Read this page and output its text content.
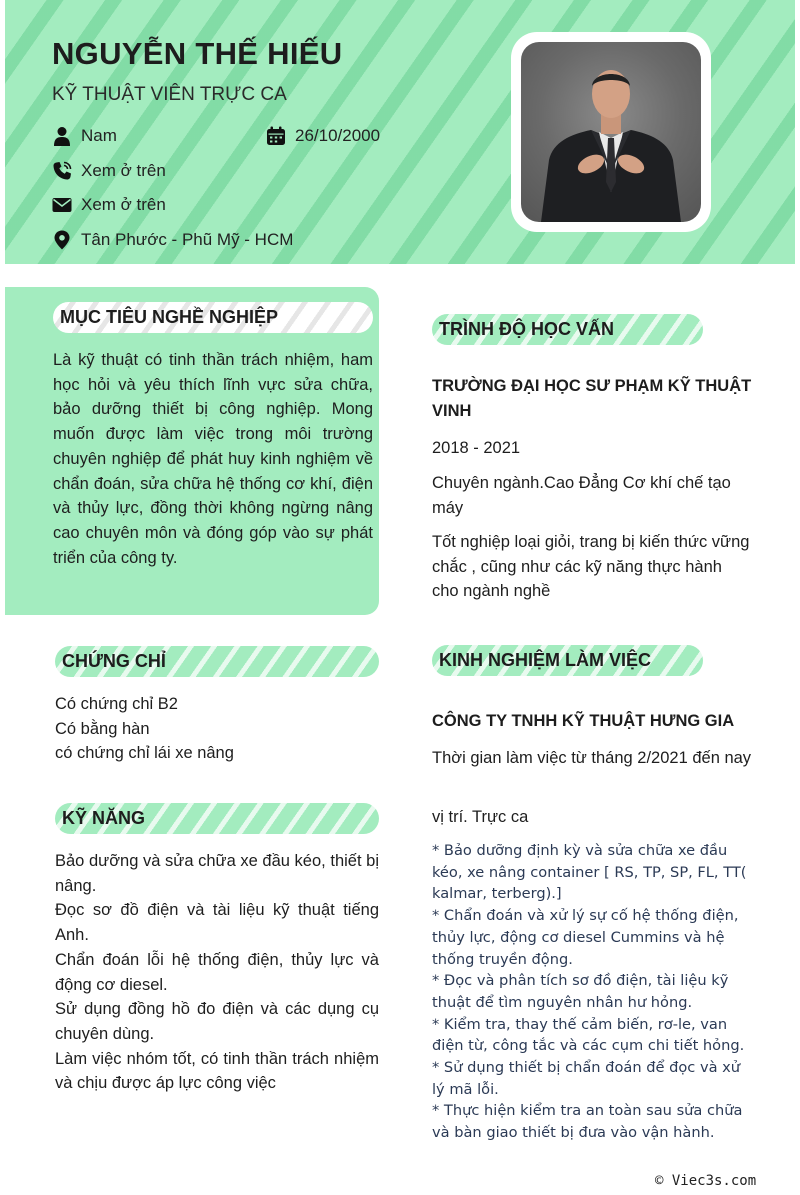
NGUYỄN THẾ HIẾU
KỸ THUẬT VIÊN TRỰC CA
Nam	26/10/2000
Xem ở trên
Xem ở trên
Tân Phước - Phũ Mỹ - HCM
MỤC TIÊU NGHỀ NGHIỆP
Là kỹ thuật có tinh thần trách nhiệm, ham học hỏi và yêu thích lĩnh vực sửa chữa, bảo dưỡng thiết bị công nghiệp. Mong muốn được làm việc trong môi trường chuyên nghiệp để phát huy kinh nghiệm về chẩn đoán, sửa chữa hệ thống cơ khí, điện và thủy lực, đồng thời không ngừng nâng cao chuyên môn và đóng góp vào sự phát triển của công ty.
CHỨNG CHỈ
Có chứng chỉ B2
Có bằng hàn
có chứng chỉ lái xe nâng
KỸ NĂNG
Bảo dưỡng và sửa chữa xe đầu kéo, thiết bị nâng.
Đọc sơ đồ điện và tài liệu kỹ thuật tiếng Anh.
Chẩn đoán lỗi hệ thống điện, thủy lực và động cơ diesel.
Sử dụng đồng hồ đo điện và các dụng cụ chuyên dùng.
Làm việc nhóm tốt, có tinh thần trách nhiệm và chịu được áp lực công việc
TRÌNH ĐỘ HỌC VẤN
TRƯỜNG ĐẠI HỌC SƯ PHẠM KỸ THUẬT VINH
2018 - 2021
Chuyên ngành.Cao Đẳng Cơ khí chế tạo máy
Tốt nghiệp loại giỏi, trang bị kiến thức vững chắc , cũng như các kỹ năng thực hành cho ngành nghề
KINH NGHIỆM LÀM VIỆC
CÔNG TY TNHH KỸ THUẬT HƯNG GIA
Thời gian làm việc từ tháng 2/2021 đến nay
vị trí. Trực ca
* Bảo dưỡng định kỳ và sửa chữa xe đầu kéo, xe nâng container [ RS, TP, SP, FL, TT( kalmar, terberg).]
* Chẩn đoán và xử lý sự cố hệ thống điện, thủy lực, động cơ diesel Cummins và hệ thống truyền động.
* Đọc và phân tích sơ đồ điện, tài liệu kỹ thuật để tìm nguyên nhân hư hỏng.
* Kiểm tra, thay thế cảm biến, rơ-le, van điện từ, công tắc và các cụm chi tiết hỏng.
* Sử dụng thiết bị chẩn đoán để đọc và xử lý mã lỗi.
* Thực hiện kiểm tra an toàn sau sửa chữa và bàn giao thiết bị đưa vào vận hành.
© Viec3s.com
